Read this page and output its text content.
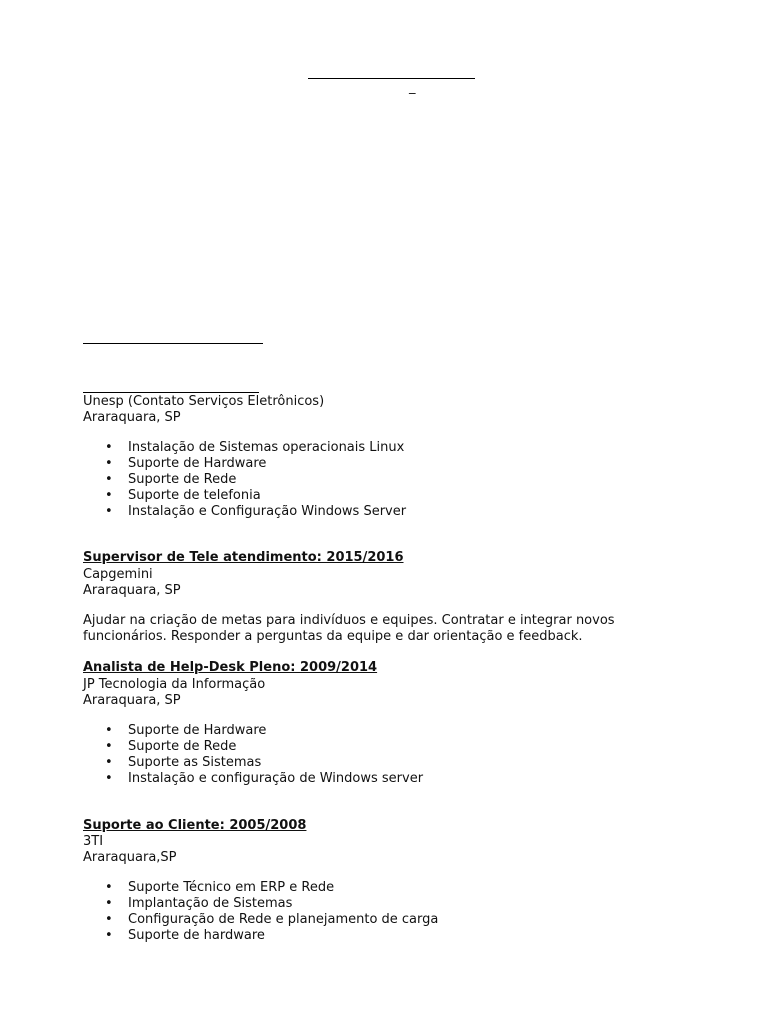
_
Unesp (Contato Serviços Eletrônicos)
Araraquara, SP
• Instalação de Sistemas operacionais Linux
• Suporte de Hardware
• Suporte de Rede
• Suporte de telefonia
• Instalação e Configuração Windows Server
Supervisor de Tele atendimento: 2015/2016
Capgemini
Araraquara, SP
Ajudar na criação de metas para indivíduos e equipes. Contratar e integrar novos funcionários. Responder a perguntas da equipe e dar orientação e feedback.
Analista de Help-Desk Pleno: 2009/2014
JP Tecnologia da Informação
Araraquara, SP
• Suporte de Hardware
• Suporte de Rede
• Suporte as Sistemas
• Instalação e configuração de Windows server
Suporte ao Cliente: 2005/2008
3TI
Araraquara,SP
• Suporte Técnico em ERP e Rede
• Implantação de Sistemas
• Configuração de Rede e planejamento de carga
• Suporte de hardware
